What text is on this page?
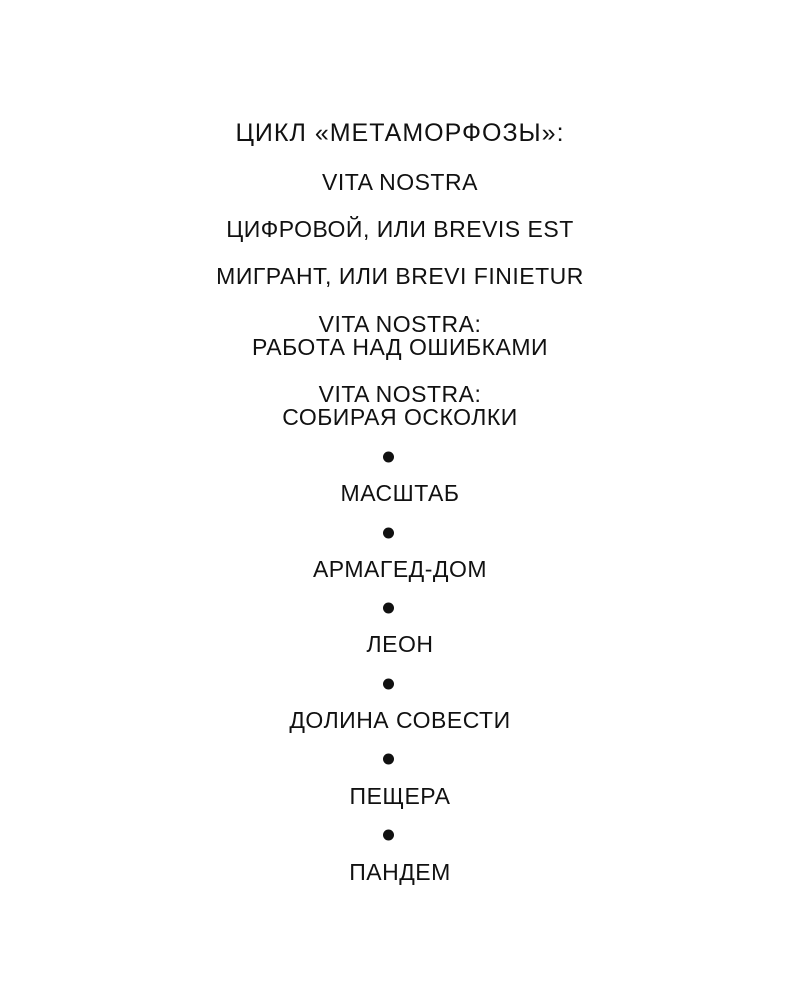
ЦИКЛ «МЕТАМОРФОЗЫ»:
VITA NOSTRA
ЦИФРОВОЙ, ИЛИ BREVIS EST
МИГРАНТ, ИЛИ BREVI FINIETUR
VITA NOSTRA:
РАБОТА НАД ОШИБКАМИ
VITA NOSTRA:
СОБИРАЯ ОСКОЛКИ
МАСШТАБ
АРМАГЕД-ДОМ
ЛЕОН
ДОЛИНА СОВЕСТИ
ПЕЩЕРА
ПАНДЕМ
